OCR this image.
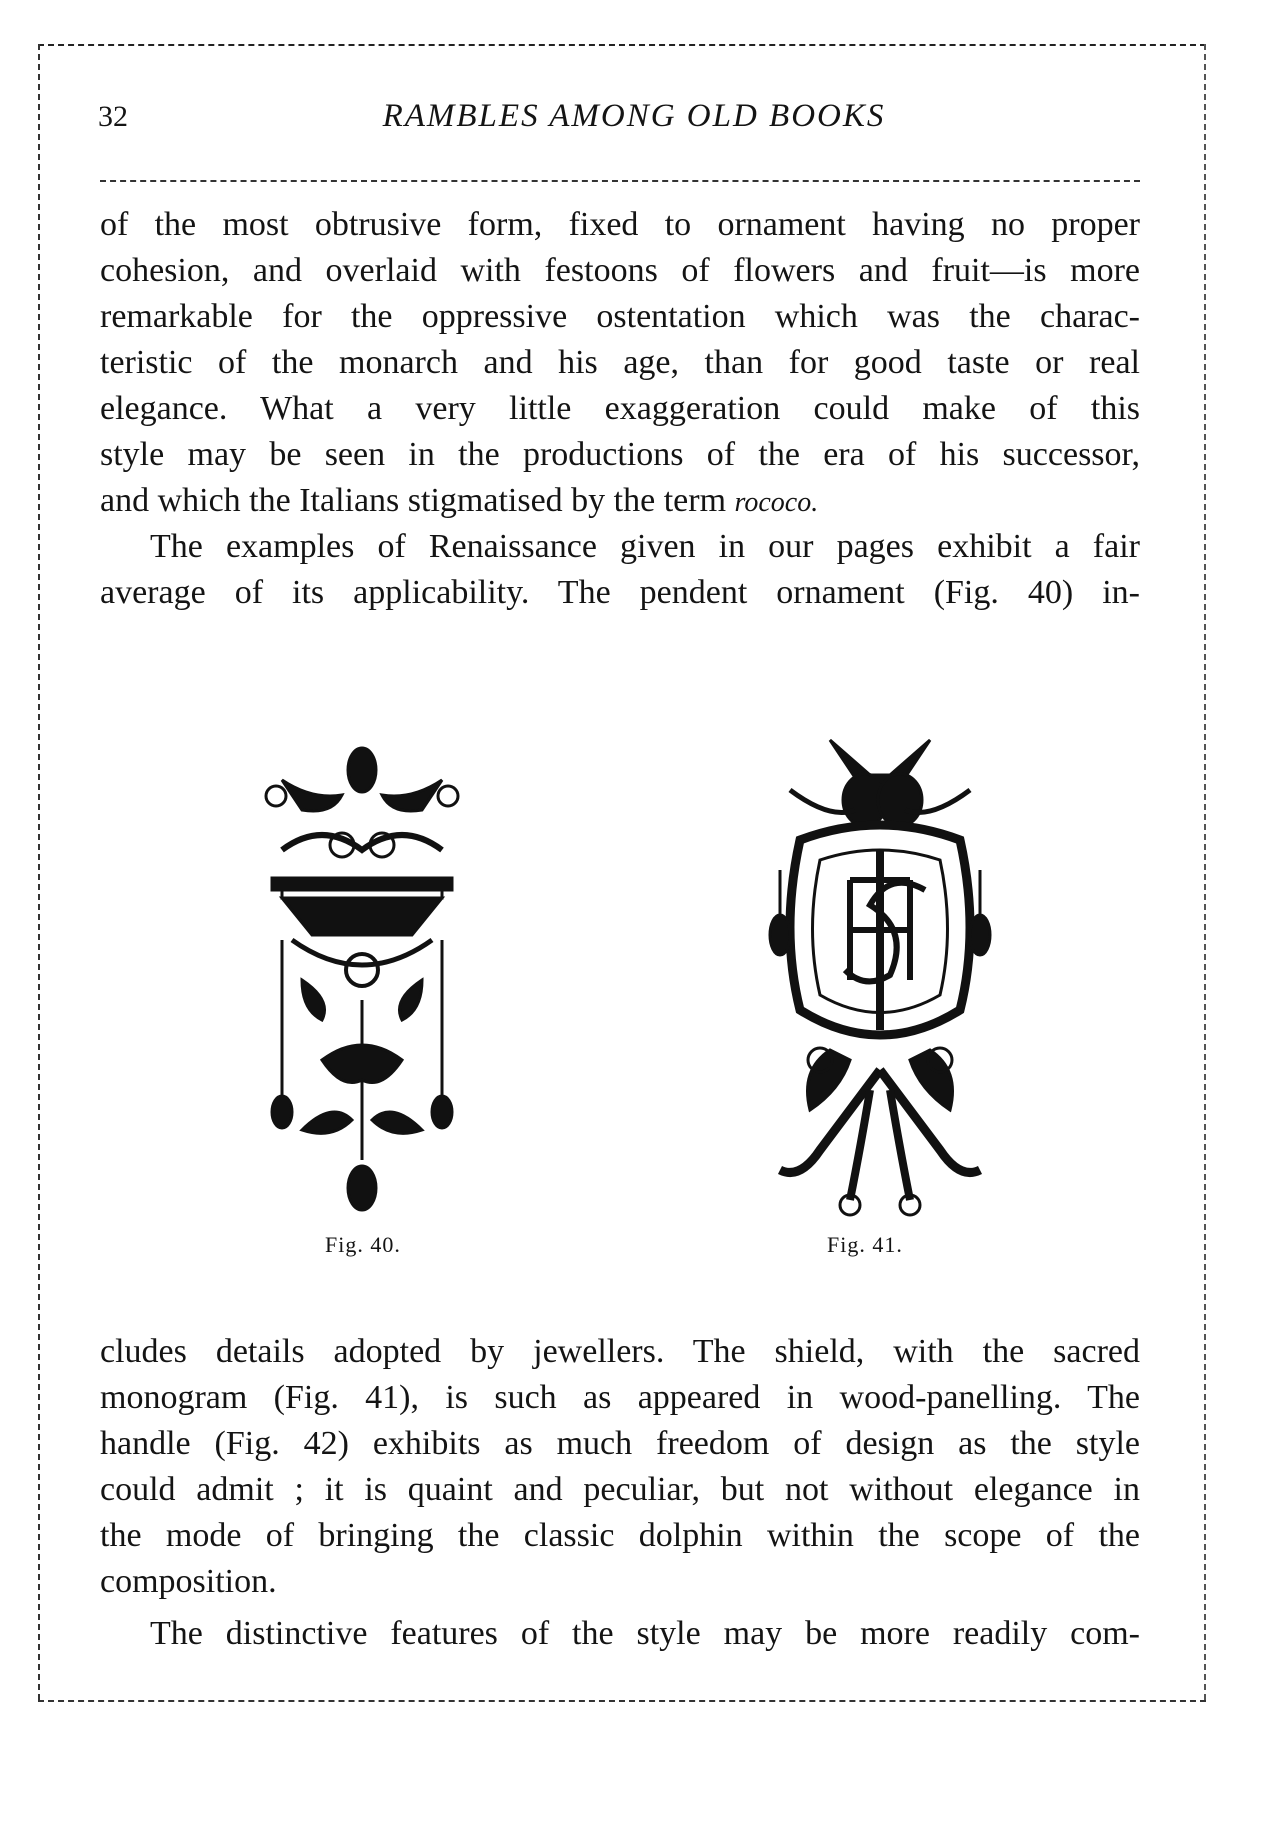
32	RAMBLES AMONG OLD BOOKS
of the most obtrusive form, fixed to ornament having no proper
cohesion, and overlaid with festoons of flowers and fruit—is more
remarkable for the oppressive ostentation which was the charac-
teristic of the monarch and his age, than for good taste or real
elegance. What a very little exaggeration could make of this
style may be seen in the productions of the era of his successor,
and which the Italians stigmatised by the term rococo.
The examples of Renaissance given in our pages exhibit a fair
average of its applicability. The pendent ornament (Fig. 40) in-
Fig. 40.	Fig. 41.
cludes details adopted by jewellers. The shield, with the sacred
monogram (Fig. 41), is such as appeared in wood-panelling. The
handle (Fig. 42) exhibits as much freedom of design as the style
could admit ; it is quaint and peculiar, but not without elegance in
the mode of bringing the classic dolphin within the scope of the
composition.
The distinctive features of the style may be more readily com-
